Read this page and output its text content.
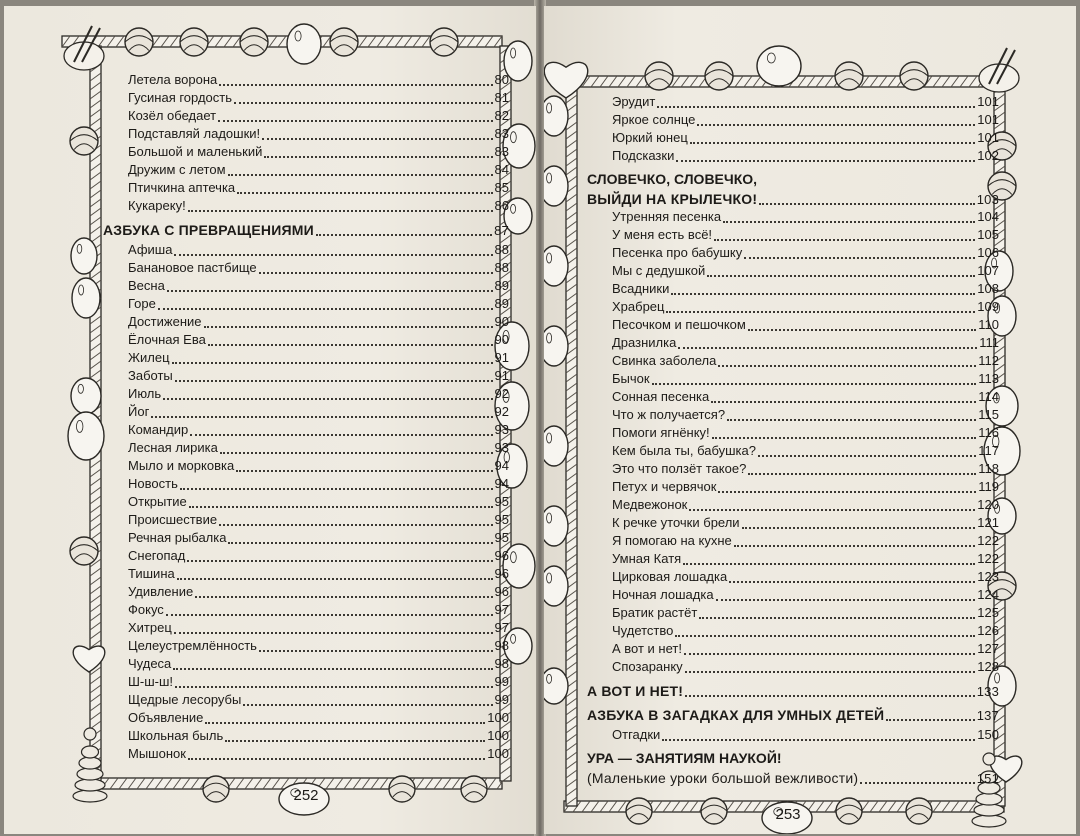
Летела ворона	80
Гусиная гордость	81
Козёл обедает	82
Подставляй ладошки!	83
Большой и маленький	83
Дружим с летом	84
Птичкина аптечка	85
Кукареку!	86
АЗБУКА С ПРЕВРАЩЕНИЯМИ	87
Афиша	88
Банановое пастбище	88
Весна	89
Горе	89
Достижение	90
Ёлочная Ева	90
Жилец	91
Заботы	91
Июль	92
Йог	92
Командир	93
Лесная лирика	93
Мыло и морковка	94
Новость	94
Открытие	95
Происшествие	95
Речная рыбалка	95
Снегопад	96
Тишина	96
Удивление	96
Фокус	97
Хитрец	97
Целеустремлённость	98
Чудеса	98
Ш-ш-ш!	99
Щедрые лесорубы	99
Объявление	100
Школьная быль	100
Мышонок	100
252
Эрудит	101
Яркое солнце	101
Юркий юнец	101
Подсказки	102
СЛОВЕЧКО, СЛОВЕЧКО,
ВЫЙДИ НА КРЫЛЕЧКО!	103
Утренняя песенка	104
У меня есть всё!	105
Песенка про бабушку	106
Мы с дедушкой	107
Всадники	108
Храбрец	109
Песочком и пешочком	110
Дразнилка	111
Свинка заболела	112
Бычок	113
Сонная песенка	114
Что ж получается?	115
Помоги ягнёнку!	116
Кем была ты, бабушка?	117
Это что ползёт такое?	118
Петух и червячок	119
Медвежонок	120
К речке уточки брели	121
Я помогаю на кухне	122
Умная Катя	122
Цирковая лошадка	123
Ночная лошадка	124
Братик растёт	125
Чудетство	126
А вот и нет!	127
Спозаранку	128
А ВОТ И НЕТ!	133
АЗБУКА В ЗАГАДКАХ ДЛЯ УМНЫХ ДЕТЕЙ	137
Отгадки	150
УРА — ЗАНЯТИЯМ НАУКОЙ!
(Маленькие уроки большой вежливости)	151
253
